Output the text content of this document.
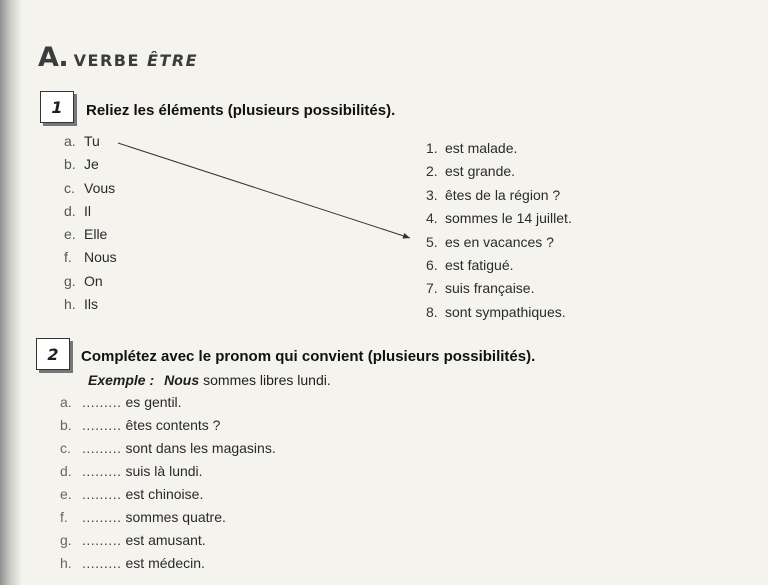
A. VERBE ÊTRE
1 Reliez les éléments (plusieurs possibilités).
a. Tu
b. Je
c. Vous
d. Il
e. Elle
f. Nous
g. On
h. Ils
1. est malade.
2. est grande.
3. êtes de la région ?
4. sommes le 14 juillet.
5. es en vacances ?
6. est fatigué.
7. suis française.
8. sont sympathiques.
2 Complétez avec le pronom qui convient (plusieurs possibilités).
Exemple : Nous sommes libres lundi.
a. ......... es gentil.
b. ......... êtes contents ?
c. ......... sont dans les magasins.
d. ......... suis là lundi.
e. ......... est chinoise.
f.	......... sommes quatre.
g. ......... est amusant.
h. ......... est médecin.
